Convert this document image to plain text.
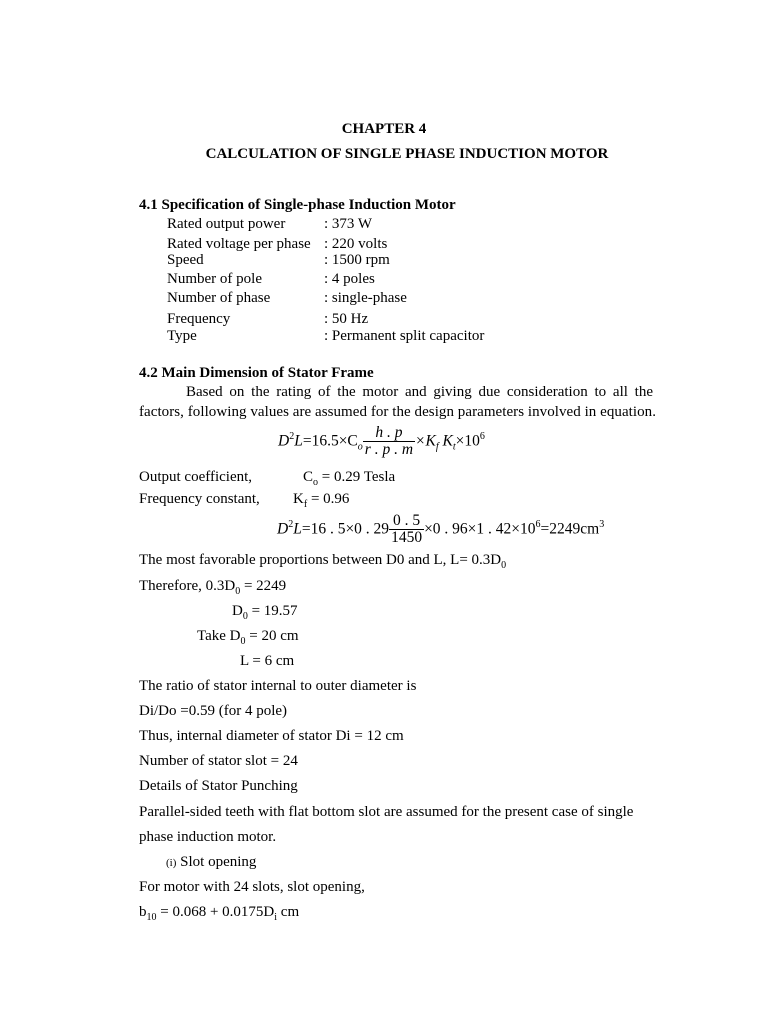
CHAPTER 4
CALCULATION OF SINGLE PHASE INDUCTION MOTOR
4.1 Specification of Single-phase Induction Motor
Rated output power	: 373 W
Rated voltage per phase : 220 volts
Speed	: 1500 rpm
Number of pole	: 4 poles
Number of phase	: single-phase
Frequency	: 50 Hz
Type	: Permanent split capacitor
4.2 Main Dimension of Stator Frame
Based on the rating of the motor and giving due consideration to all the
factors, following values are assumed for the design parameters involved in equation.
$D^2L=16.5\times C_o \frac{h . p}{r . p . m} \times K_f$ $K_t\times 10^6$
Output coefficient,	$C_o = 0.29$ Tesla
Frequency constant, $K_f = 0.96$
$D^2L=16$ . 5×0 . $29 \frac{0 . 5}{1450} \times 0$ . 96×1 . $42\times 10^6=2249cm^3$
The most favorable proportions between D0 and L, $L= 0.3D_0$
Therefore, $0.3D_0 = 2249$
$D_0 = 19.57$
Take $D_0 = 20$ cm
L = 6 cm
The ratio of stator internal to outer diameter is
Di/Do =0.59 (for 4 pole)
Thus, internal diameter of stator Di = 12 cm
Number of stator slot = 24
Details of Stator Punching
Parallel-sided teeth with flat bottom slot are assumed for the present case of single
phase induction motor.
(i) Slot opening
For motor with 24 slots, slot opening,
$b_{10} = 0.068 + 0.0175D_i$ cm
